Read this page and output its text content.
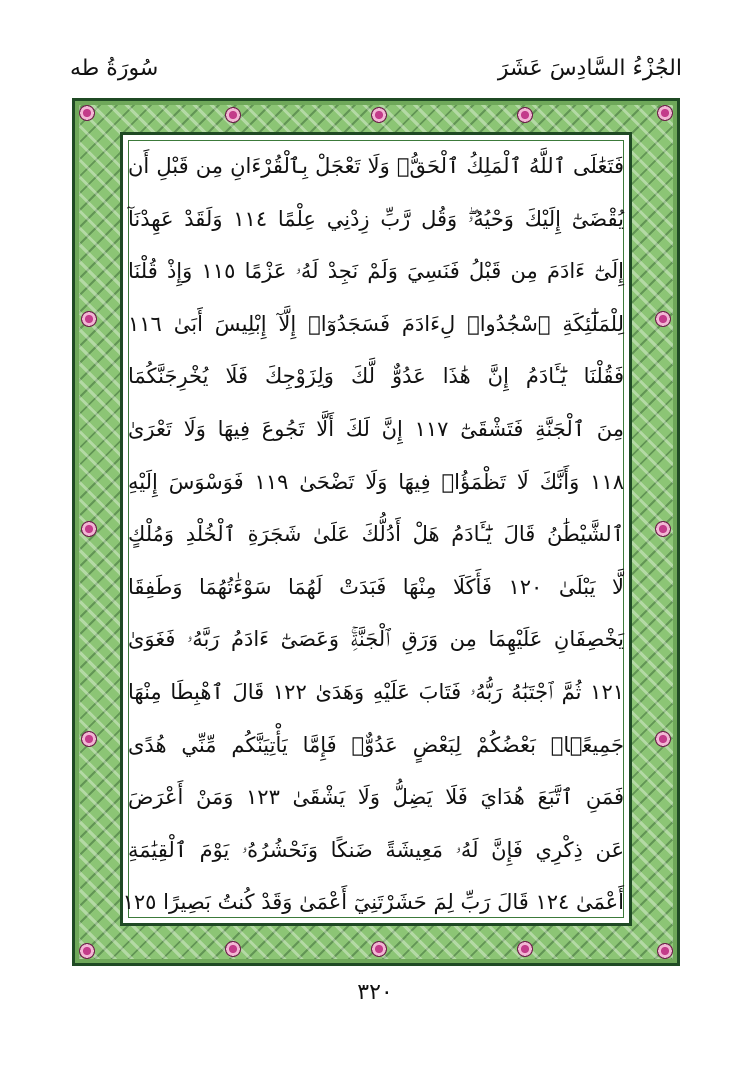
الجُزْءُ السَّادِسَ عَشَرَ
سُورَةُ طه
فَتَعَٰلَى ٱللَّهُ ٱلْمَلِكُ ٱلْحَقُّۗ وَلَا تَعْجَلْ بِٱلْقُرْءَانِ مِن قَبْلِ أَن
يُقْضَىٰٓ إِلَيْكَ وَحْيُهُۥۖ وَقُل رَّبِّ زِدْنِي عِلْمًا ١١٤ وَلَقَدْ عَهِدْنَآ
إِلَىٰٓ ءَادَمَ مِن قَبْلُ فَنَسِيَ وَلَمْ نَجِدْ لَهُۥ عَزْمًا ١١٥ وَإِذْ قُلْنَا
لِلْمَلَٰٓئِكَةِ ٱسْجُدُوا۟ لِءَادَمَ فَسَجَدُوٓا۟ إِلَّآ إِبْلِيسَ أَبَىٰ ١١٦
فَقُلْنَا يَٰٓـَٔادَمُ إِنَّ هَٰذَا عَدُوٌّ لَّكَ وَلِزَوْجِكَ فَلَا يُخْرِجَنَّكُمَا
مِنَ ٱلْجَنَّةِ فَتَشْقَىٰٓ ١١٧ إِنَّ لَكَ أَلَّا تَجُوعَ فِيهَا وَلَا تَعْرَىٰ
١١٨ وَأَنَّكَ لَا تَظْمَؤُا۟ فِيهَا وَلَا تَضْحَىٰ ١١٩ فَوَسْوَسَ إِلَيْهِ
ٱلشَّيْطَٰنُ قَالَ يَٰٓـَٔادَمُ هَلْ أَدُلُّكَ عَلَىٰ شَجَرَةِ ٱلْخُلْدِ وَمُلْكٍ
لَّا يَبْلَىٰ ١٢٠ فَأَكَلَا مِنْهَا فَبَدَتْ لَهُمَا سَوْءَٰتُهُمَا وَطَفِقَا
يَخْصِفَانِ عَلَيْهِمَا مِن وَرَقِ ٱلْجَنَّةِۚ وَعَصَىٰٓ ءَادَمُ رَبَّهُۥ فَغَوَىٰ
١٢١ ثُمَّ ٱجْتَبَٰهُ رَبُّهُۥ فَتَابَ عَلَيْهِ وَهَدَىٰ ١٢٢ قَالَ ٱهْبِطَا مِنْهَا
جَمِيعًۢاۖ بَعْضُكُمْ لِبَعْضٍ عَدُوٌّۖ فَإِمَّا يَأْتِيَنَّكُم مِّنِّي هُدًى
فَمَنِ ٱتَّبَعَ هُدَايَ فَلَا يَضِلُّ وَلَا يَشْقَىٰ ١٢٣ وَمَنْ أَعْرَضَ
عَن ذِكْرِي فَإِنَّ لَهُۥ مَعِيشَةً ضَنكًا وَنَحْشُرُهُۥ يَوْمَ ٱلْقِيَٰمَةِ
أَعْمَىٰ ١٢٤ قَالَ رَبِّ لِمَ حَشَرْتَنِيٓ أَعْمَىٰ وَقَدْ كُنتُ بَصِيرًا ١٢٥
٣٢٠
